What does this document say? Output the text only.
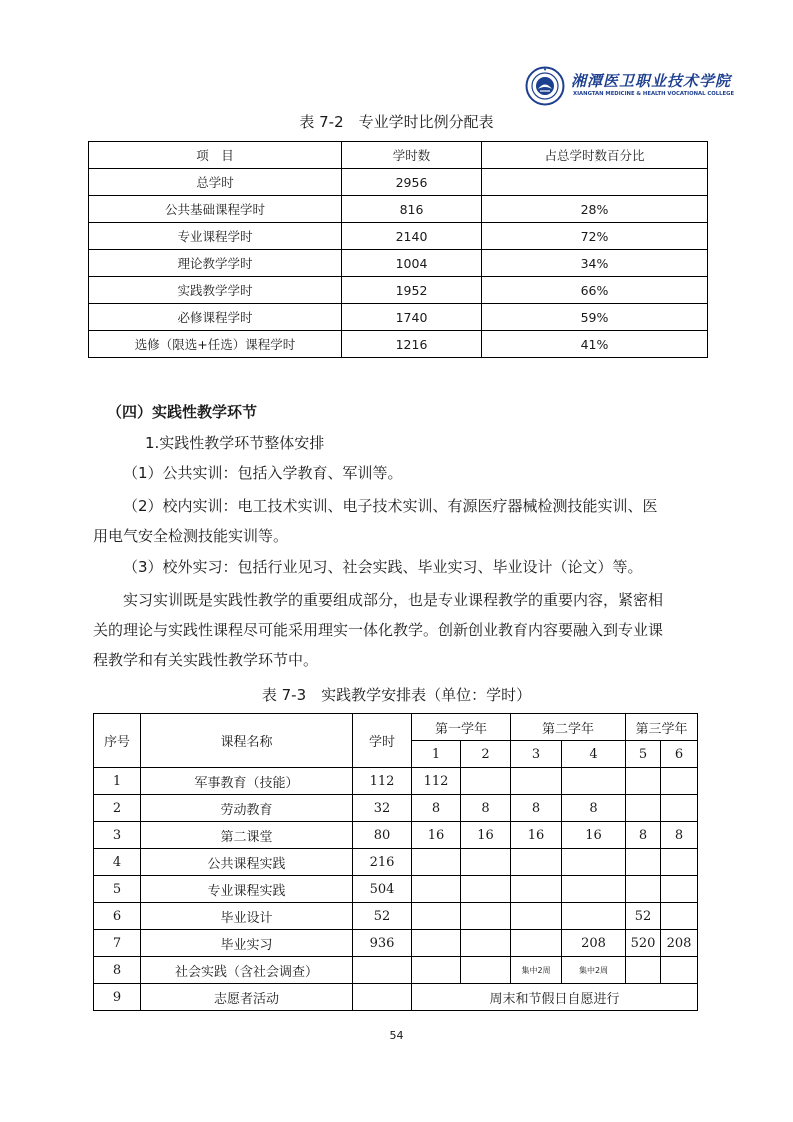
湘潭医卫职业技术学院
XIANGTAN MEDICINE & HEALTH VOCATIONAL COLLEGE
表 7-2　专业学时比例分配表
项　目	学时数	占总学时数百分比
总学时	2956	
公共基础课程学时	816	28%
专业课程学时	2140	72%
理论教学学时	1004	34%
实践教学学时	1952	66%
必修课程学时	1740	59%
选修（限选+任选）课程学时	1216	41%
（四）实践性教学环节
1.实践性教学环节整体安排
（1）公共实训：包括入学教育、军训等。
（2）校内实训：电工技术实训、电子技术实训、有源医疗器械检测技能实训、医
用电气安全检测技能实训等。
（3）校外实习：包括行业见习、社会实践、毕业实习、毕业设计（论文）等。
实习实训既是实践性教学的重要组成部分，也是专业课程教学的重要内容，紧密相
关的理论与实践性课程尽可能采用理实一体化教学。创新创业教育内容要融入到专业课
程教学和有关实践性教学环节中。
表 7-3　实践教学安排表（单位：学时）
序号	课程名称	学时	第一学年		第二学年		第三学年	
			1	2	3	4	5	6
1	军事教育（技能）	112	112					
2	劳动教育	32	8	8	8	8		
3	第二课堂	80	16	16	16	16	8	8
4	公共课程实践	216						
5	专业课程实践	504						
6	毕业设计	52					52	
7	毕业实习	936				208	520	208
8	社会实践（含社会调查）				集中2周	集中2周		
9	志愿者活动		周末和节假日自愿进行					
54
